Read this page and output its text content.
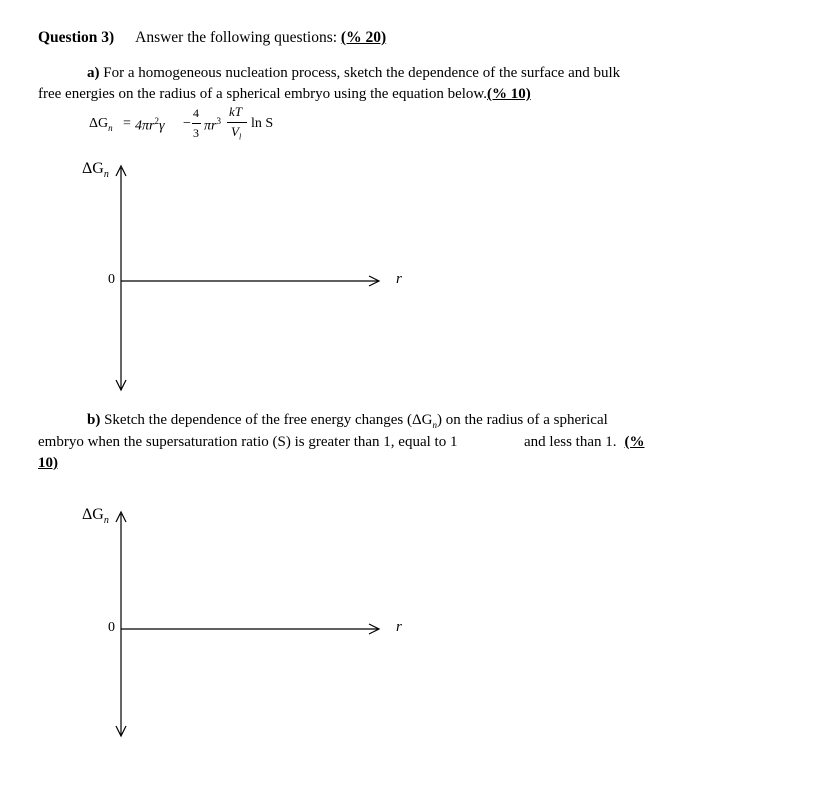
Question 3) Answer the following questions: (% 20)
a) For a homogeneous nucleation process, sketch the dependence of the surface and bulk
free energies on the radius of a spherical embryo using the equation below.(% 10)
$\Delta G_n = 4\pi r^2\gamma$ −
4
3 $\pi r^3$
kT
$V_l$
ln S
$\Delta G_n$
0	r
b) Sketch the dependence of the free energy changes $(\Delta G_n)$ on the radius of a spherical
embryo when the supersaturation ratio (S) is greater than 1, equal to 1	and less than 1. (%
10)
$\Delta G_n$
0	r
